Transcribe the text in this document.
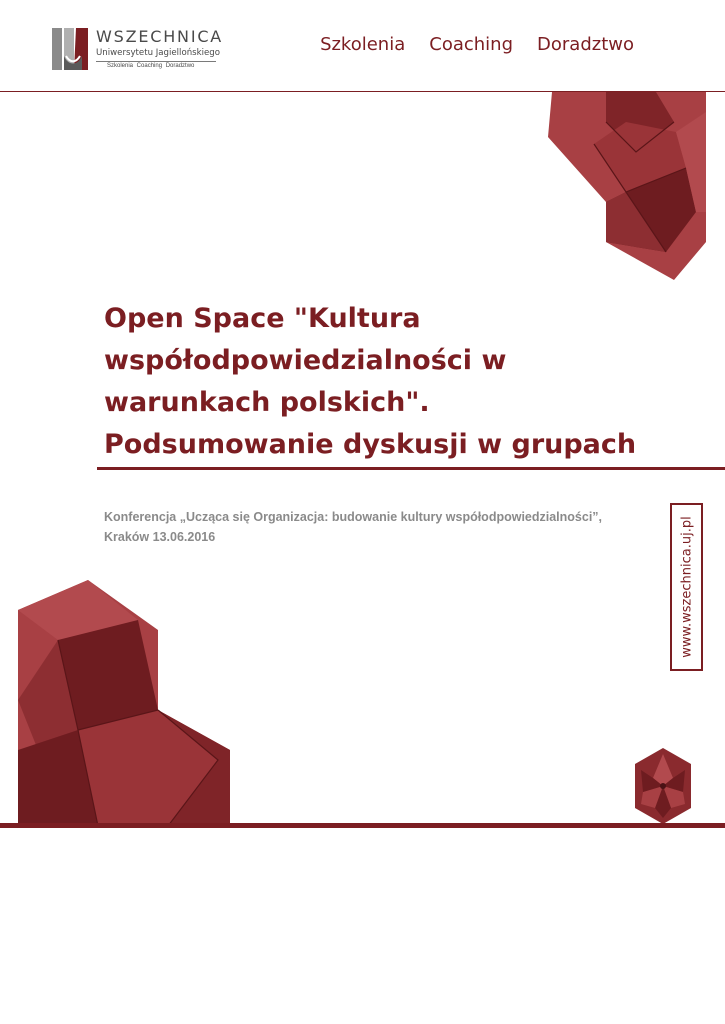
WSZECHNICA
Uniwersytetu Jagiellońskiego
Szkolenia Coaching Doradztwo
Szkolenia Coaching Doradztwo
Open Space "Kultura współodpowiedzialności w warunkach polskich". Podsumowanie dyskusji w grupach

Konferencja „Ucząca się Organizacja: budowanie kultury współodpowiedzialności”,
Kraków 13.06.2016	www.wszechnica.uj.pl
